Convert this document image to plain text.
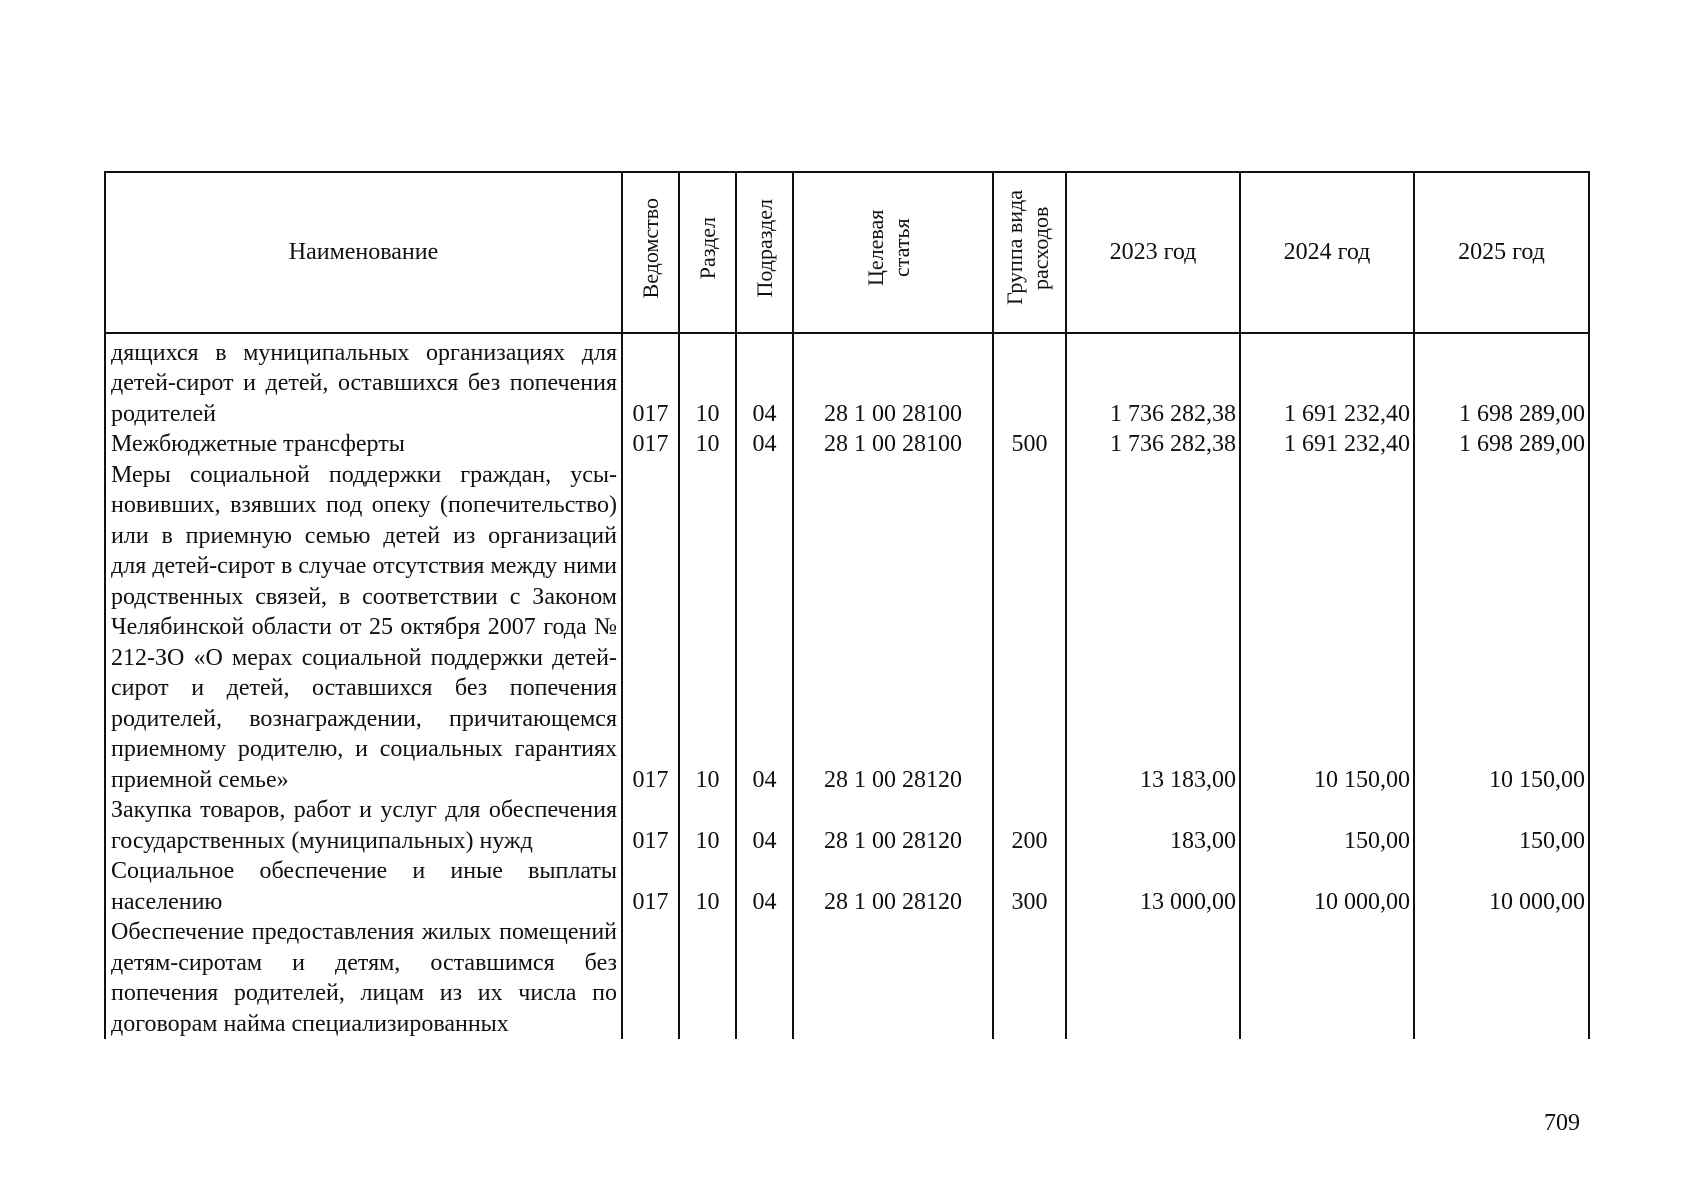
Наименование	Ведомство	Раздел	Подраздел	Целевая статья	Группа вида расходов	2023 год	2024 год	2025 год
дящихся в муниципальных организациях для детей-сирот и детей, оставшихся без попечения родителей	017	10	04	28 1 00 28100		1 736 282,38	1 691 232,40	1 698 289,00
Межбюджетные трансферты	017	10	04	28 1 00 28100	500	1 736 282,38	1 691 232,40	1 698 289,00
Меры социальной поддержки граждан, усыновивших, взявших под опеку (попечительство) или в приемную семью детей из организаций для детей-сирот в случае отсутствия между ними родственных связей, в соответствии с Законом Челябинской области от 25 октября 2007 года № 212-ЗО «О мерах социальной поддержки детей-сирот и детей, оставшихся без попечения родителей, вознаграждении, причитающемся приемному родителю, и социальных гарантиях приемной семье»	017	10	04	28 1 00 28120		13 183,00	10 150,00	10 150,00
Закупка товаров, работ и услуг для обеспечения государственных (муниципальных) нужд	017	10	04	28 1 00 28120	200	183,00	150,00	150,00
Социальное обеспечение и иные выплаты населению	017	10	04	28 1 00 28120	300	13 000,00	10 000,00	10 000,00
Обеспечение предоставления жилых помещений детям-сиротам и детям, оставшимся без попечения родителей, лицам из их числа по договорам найма специализированных								
709
